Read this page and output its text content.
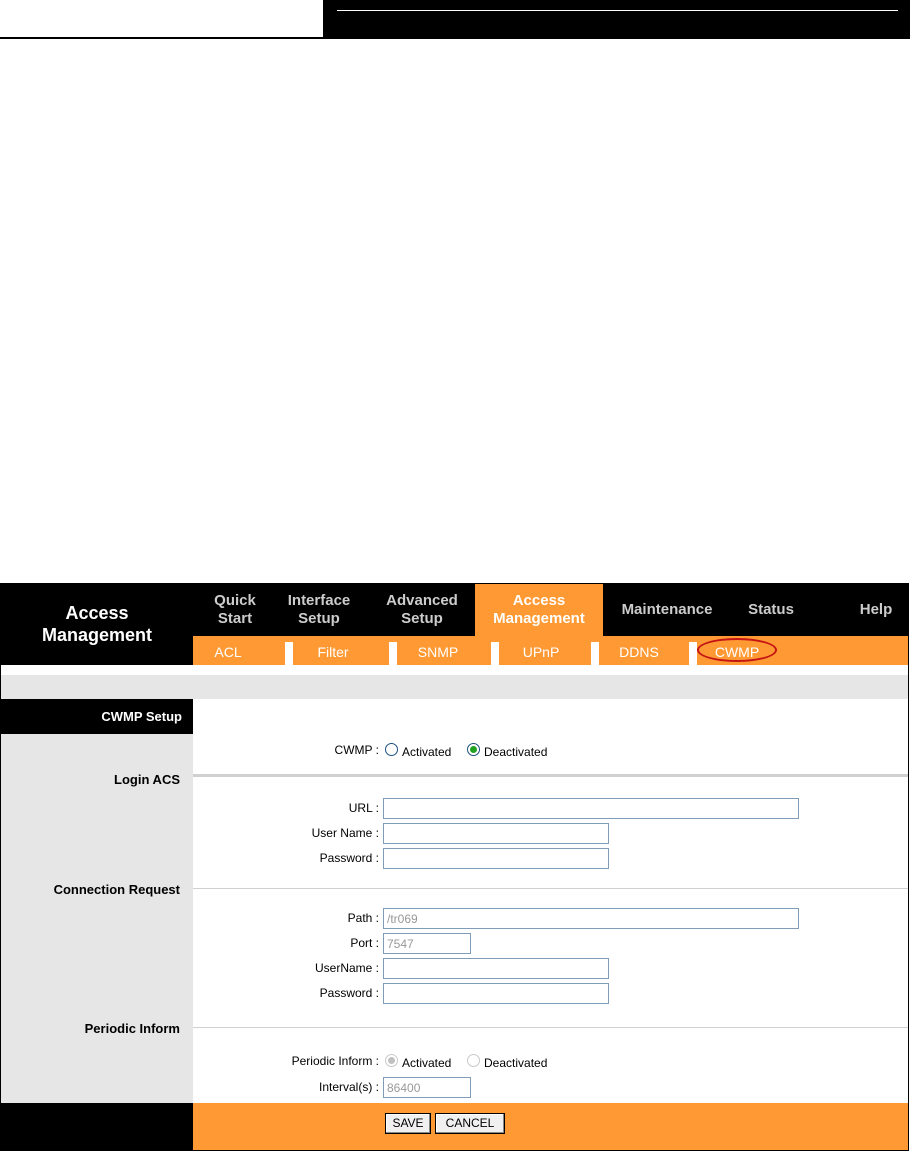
Access
Management
Quick
Start
Interface
Setup
Advanced
Setup
Access
Management
Maintenance Status	Help
ACL	Filter	SNMP	UPnP	DDNS	CWMP
CWMP Setup
Login ACS
Connection Request
Periodic Inform
CWMP : Activated	Deactivated
URL :
User Name :
Password :
Path :
/tr069
Port :
7547
UserName :
Password :
Periodic Inform : Activated	Deactivated
Interval(s) :
86400
SAVE	CANCEL
